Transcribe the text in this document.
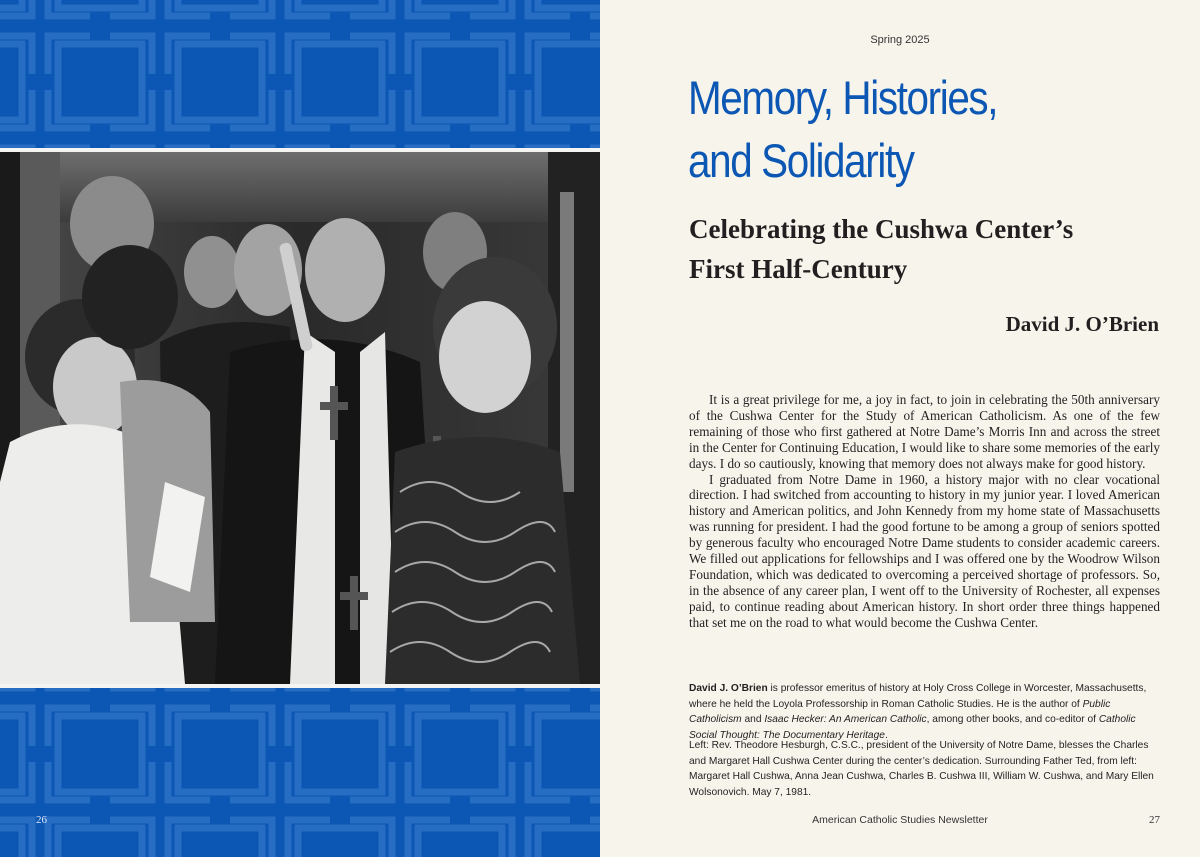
26
Spring 2025
Memory, Histories,
and Solidarity
Celebrating the Cushwa Center’s
First Half-Century
David J. O’Brien

It is a great privilege for me, a joy in fact, to join in celebrating the 50th anniversary of the Cushwa Center for the Study of American Catholicism. As one of the few remaining of those who first gathered at Notre Dame’s Morris Inn and across the street in the Center for Continuing Education, I would like to share some memories of the early days. I do so cautiously, knowing that memory does not always make for good history.

I graduated from Notre Dame in 1960, a history major with no clear vocational direction. I had switched from accounting to history in my junior year. I loved American history and American politics, and John Kennedy from my home state of Massachusetts was running for president. I had the good fortune to be among a group of seniors spotted by generous faculty who encouraged Notre Dame students to consider academic careers. We filled out applications for fellowships and I was offered one by the Woodrow Wilson Foundation, which was dedicated to overcoming a perceived shortage of professors. So, in the absence of any career plan, I went off to the University of Rochester, all expenses paid, to continue reading about American history. In short order three things happened that set me on the road to what would become the Cushwa Center.

David J. O’Brien is professor emeritus of history at Holy Cross College in Worcester, Massachusetts, where he held the Loyola Professorship in Roman Catholic Studies. He is the author of Public Catholicism and Isaac Hecker: An American Catholic, among other books, and co-editor of Catholic Social Thought: The Documentary Heritage.
Left: Rev. Theodore Hesburgh, C.S.C., president of the University of Notre Dame, blesses the Charles and Margaret Hall Cushwa Center during the center’s dedication. Surrounding Father Ted, from left: Margaret Hall Cushwa, Anna Jean Cushwa, Charles B. Cushwa III, William W. Cushwa, and Mary Ellen Wolsonovich. May 7, 1981.
American Catholic Studies Newsletter	27
